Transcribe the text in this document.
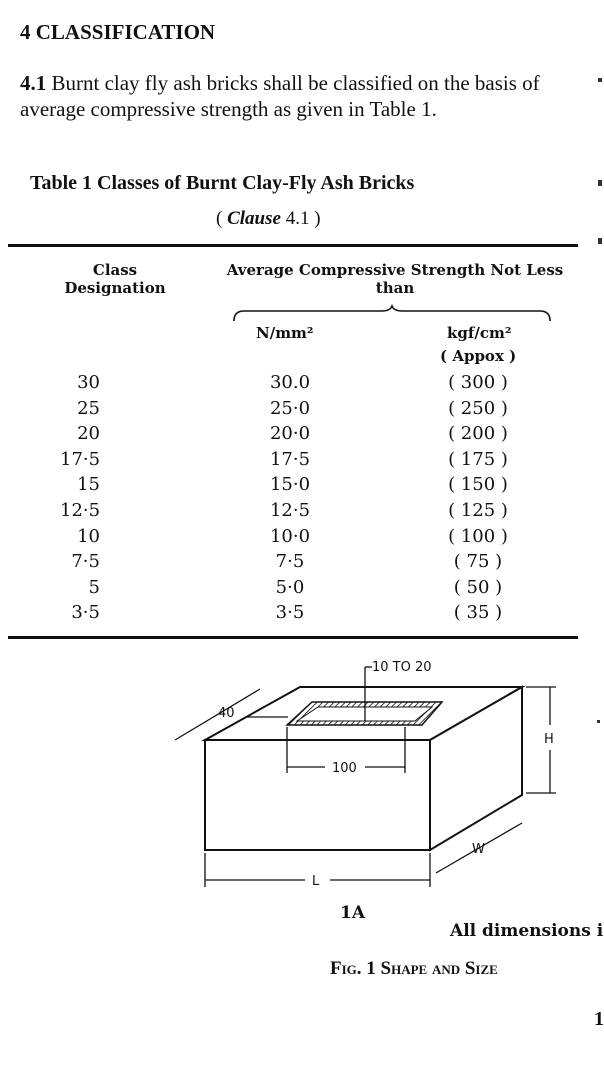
4 CLASSIFICATION
4.1 Burnt clay fly ash bricks shall be classified on the basis of average compressive strength as given in Table 1.
Table 1 Classes of Burnt Clay-Fly Ash Bricks
( Clause 4.1 )
Class Designation
Average Compressive Strength Not Less than
N/mm²	kgf/cm²
( Appox )
30	30.0	( 300 )
25	25·0	( 250 )
20	20·0	( 200 )
17·5	17·5	( 175 )
15	15·0	( 150 )
12·5	12·5	( 125 )
10	10·0	( 100 )
7·5	7·5	( 75 )
5	5·0	( 50 )
3·5	3·5	( 35 )
10 TO 20
40
100
H
W
L
1A
All dimensions i
Fig. 1 Shape and Size
1
